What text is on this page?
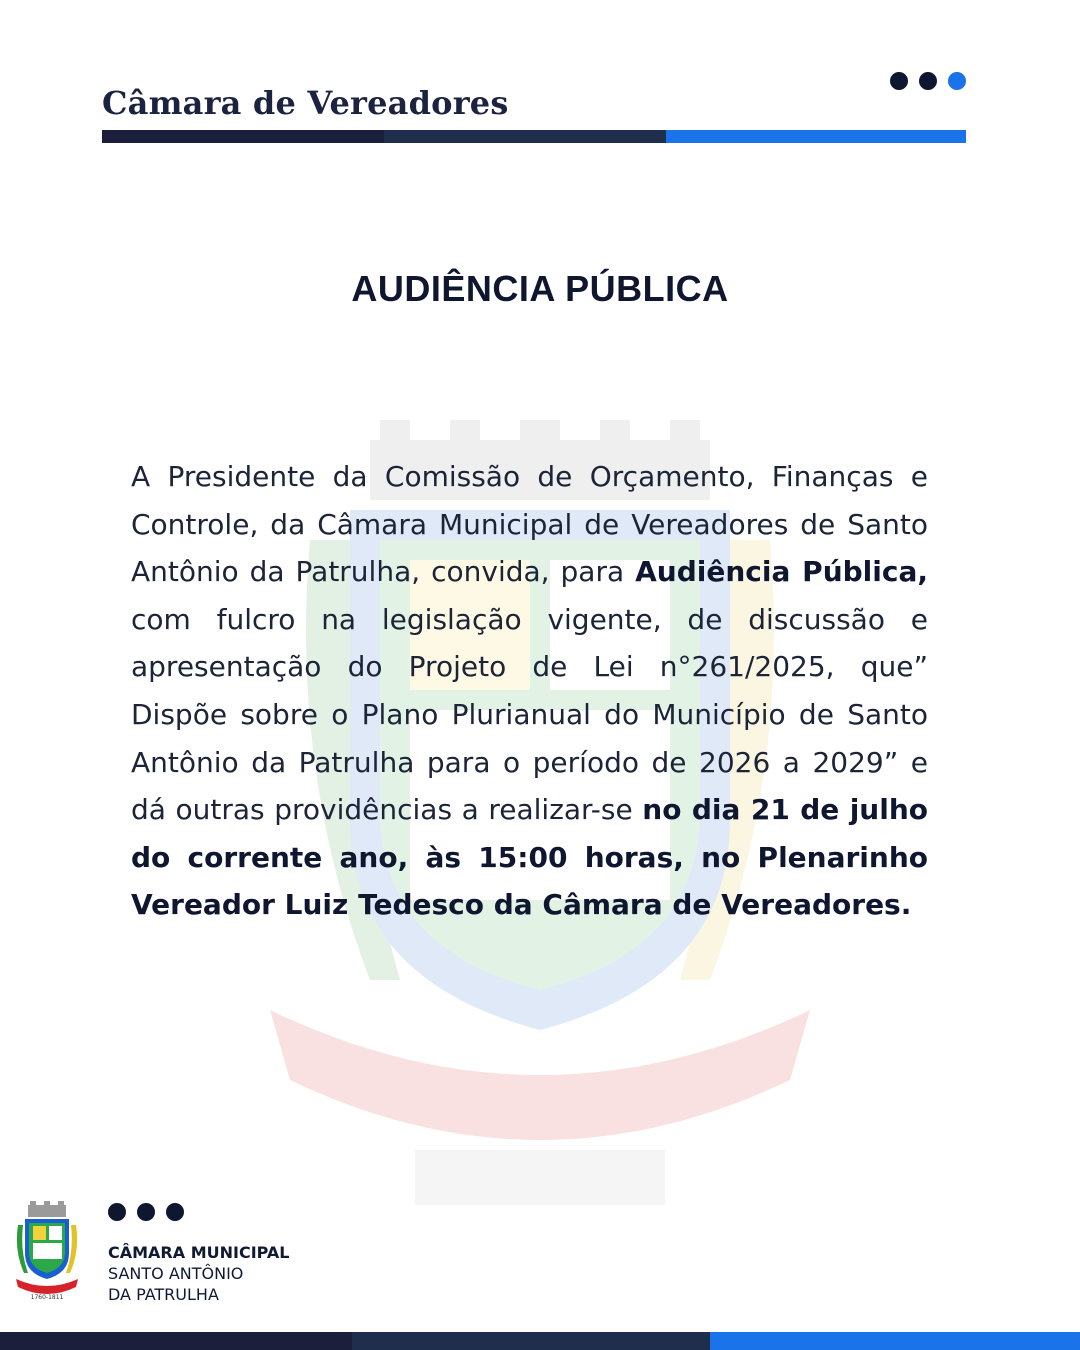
Câmara de Vereadores
AUDIÊNCIA PÚBLICA
A Presidente da Comissão de Orçamento, Finanças e Controle, da Câmara Municipal de Vereadores de Santo Antônio da Patrulha, convida, para Audiência Pública, com fulcro na legislação vigente, de discussão e apresentação do Projeto de Lei n°261/2025, que” Dispõe sobre o Plano Plurianual do Município de Santo Antônio da Patrulha para o período de 2026 a 2029” e dá outras providências a realizar-se no dia 21 de julho do corrente ano, às 15:00 horas, no Plenarinho Vereador Luiz Tedesco da Câmara de Vereadores.
1760-1811
CÂMARA MUNICIPAL
SANTO ANTÔNIO
DA PATRULHA
